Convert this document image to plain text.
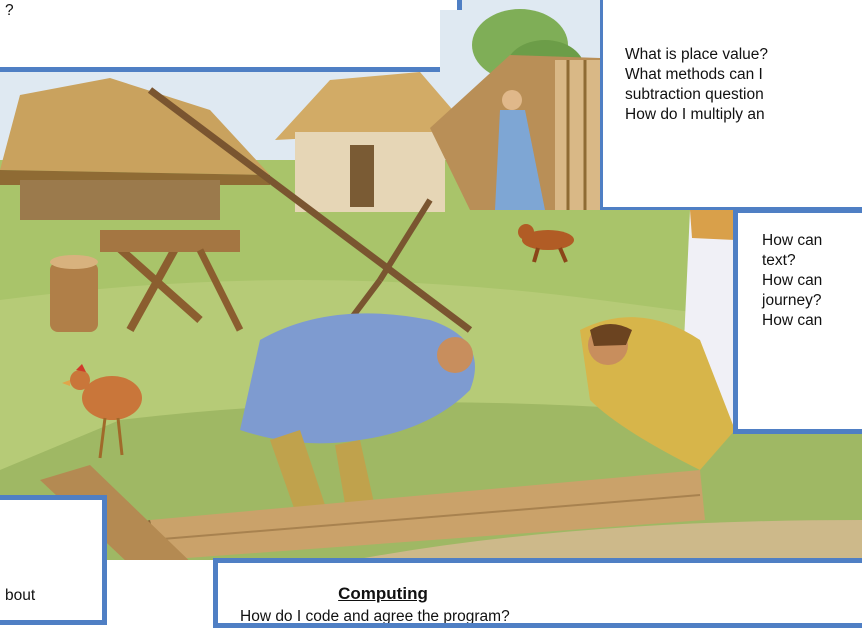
?
What is place value?
What methods can I
subtraction question
How do I multiply an
How can
text?
How can
journey?
How can
bout	Computing
How do I code and agree the program?
